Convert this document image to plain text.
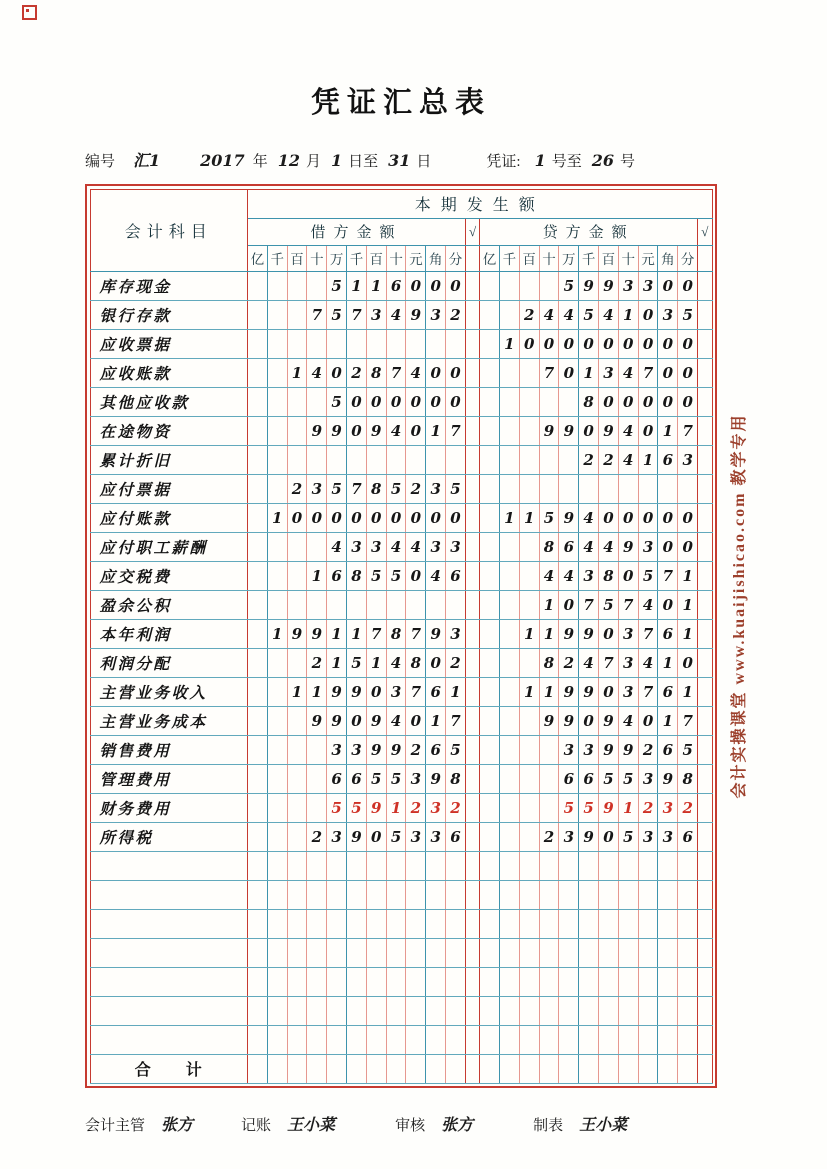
凭证汇总表
编号 汇1	2017 年 12 月 1 日至 31 日	凭证: 1 号至 26 号
会计科目	本期发生额																							
	借方金额											√	贷方金额											√
	亿	千	百	十	万	千	百	十	元	角	分		亿	千	百	十	万	千	百	十	元	角	分	
库存现金					5	1	1	6	0	0	0						5	9	9	3	3	0	0	
银行存款				7	5	7	3	4	9	3	2				2	4	4	5	4	1	0	3	5	
应收票据														1	0	0	0	0	0	0	0	0	0	
应收账款			1	4	0	2	8	7	4	0	0					7	0	1	3	4	7	0	0	
其他应收款					5	0	0	0	0	0	0							8	0	0	0	0	0	
在途物资				9	9	0	9	4	0	1	7					9	9	0	9	4	0	1	7	
累计折旧																		2	2	4	1	6	3	
应付票据			2	3	5	7	8	5	2	3	5													
应付账款		1	0	0	0	0	0	0	0	0	0			1	1	5	9	4	0	0	0	0	0	
应付职工薪酬					4	3	3	4	4	3	3					8	6	4	4	9	3	0	0	
应交税费				1	6	8	5	5	0	4	6					4	4	3	8	0	5	7	1	
盈余公积																1	0	7	5	7	4	0	1	
本年利润		1	9	9	1	1	7	8	7	9	3				1	1	9	9	0	3	7	6	1	
利润分配				2	1	5	1	4	8	0	2					8	2	4	7	3	4	1	0	
主营业务收入			1	1	9	9	0	3	7	6	1				1	1	9	9	0	3	7	6	1	
主营业务成本				9	9	0	9	4	0	1	7					9	9	0	9	4	0	1	7	
销售费用					3	3	9	9	2	6	5						3	3	9	9	2	6	5	
管理费用					6	6	5	5	3	9	8						6	6	5	5	3	9	8	
财务费用					5	5	9	1	2	3	2						5	5	9	1	2	3	2	
所得税				2	3	9	0	5	3	3	6					2	3	9	0	5	3	3	6	

合　　计																								
会计主管 张方	记账 王小菜	审核 张方	制表 王小菜
会计实操课堂 www.kuaijishicao.com 教学专用
